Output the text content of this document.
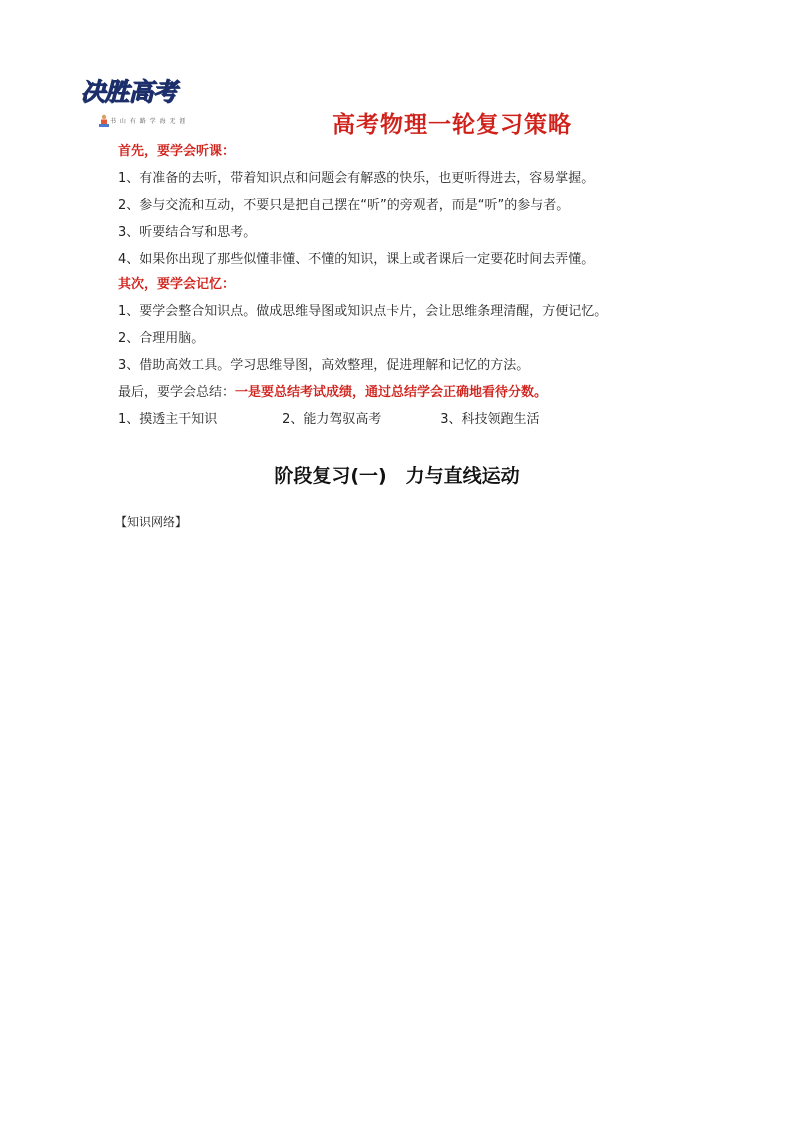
决胜高考
书 山 有 路 学 海 无 涯	高考物理一轮复习策略
首先，要学会听课：
1、有准备的去听，带着知识点和问题会有解惑的快乐，也更听得进去，容易掌握。
2、参与交流和互动，不要只是把自己摆在“听”的旁观者，而是“听”的参与者。
3、听要结合写和思考。
4、如果你出现了那些似懂非懂、不懂的知识，课上或者课后一定要花时间去弄懂。
其次，要学会记忆：
1、要学会整合知识点。做成思维导图或知识点卡片，会让思维条理清醒，方便记忆。
2、合理用脑。
3、借助高效工具。学习思维导图，高效整理，促进理解和记忆的方法。
最后，要学会总结：一是要总结考试成绩，通过总结学会正确地看待分数。
1、摸透主干知识	2、能力驾驭高考	3、科技领跑生活
阶段复习(一)　力与直线运动
【知识网络】
